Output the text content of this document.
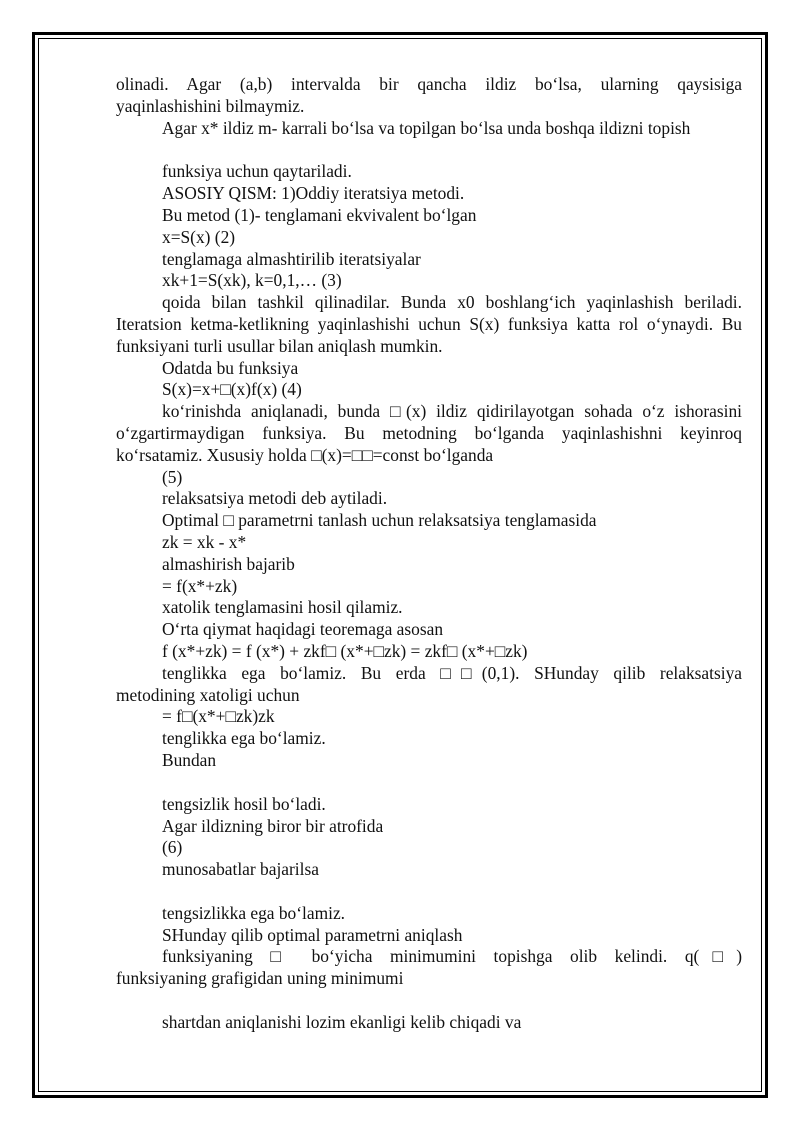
olinadi. Agar (a,b) intervalda bir qancha ildiz bo‘lsa, ularning qaysisiga
yaqinlashishini bilmaymiz.
Agar x* ildiz m- karrali bo‘lsa va topilgan bo‘lsa unda boshqa ildizni topish
funksiya uchun qaytariladi.
ASOSIY QISM: 1)Oddiy iteratsiya metodi.
Bu metod (1)- tenglamani ekvivalent bo‘lgan
x=S(x) (2)
tenglamaga almashtirilib iteratsiyalar
xk+1=S(xk), k=0,1,… (3)
qoida bilan tashkil qilinadilar. Bunda x0 boshlang‘ich yaqinlashish beriladi.
Iteratsion ketma-ketlikning yaqinlashishi uchun S(x) funksiya katta rol o‘ynaydi. Bu
funksiyani turli usullar bilan aniqlash mumkin.
Odatda bu funksiya
S(x)=x+□(x)f(x) (4)
ko‘rinishda aniqlanadi, bunda □(x) ildiz qidirilayotgan sohada o‘z ishorasini
o‘zgartirmaydigan funksiya. Bu metodning bo‘lganda yaqinlashishni keyinroq
ko‘rsatamiz. Xususiy holda □(x)=□□=const bo‘lganda
(5)
relaksatsiya metodi deb aytiladi.
Optimal □ parametrni tanlash uchun relaksatsiya tenglamasida
zk = xk - x*
almashirish bajarib
= f(x*+zk)
xatolik tenglamasini hosil qilamiz.
O‘rta qiymat haqidagi teoremaga asosan
f (x*+zk) = f (x*) + zkf□ (x*+□zk) = zkf□ (x*+□zk)
tenglikka ega bo‘lamiz. Bu erda □□(0,1). SHunday qilib relaksatsiya
metodining xatoligi uchun
= f□(x*+□zk)zk
tenglikka ega bo‘lamiz.
Bundan
tengsizlik hosil bo‘ladi.
Agar ildizning biror bir atrofida
(6)
munosabatlar bajarilsa
tengsizlikka ega bo‘lamiz.
SHunday qilib optimal parametrni aniqlash
funksiyaning □ bo‘yicha minimumini topishga olib kelindi. q(□)
funksiyaning grafigidan uning minimumi
shartdan aniqlanishi lozim ekanligi kelib chiqadi va
